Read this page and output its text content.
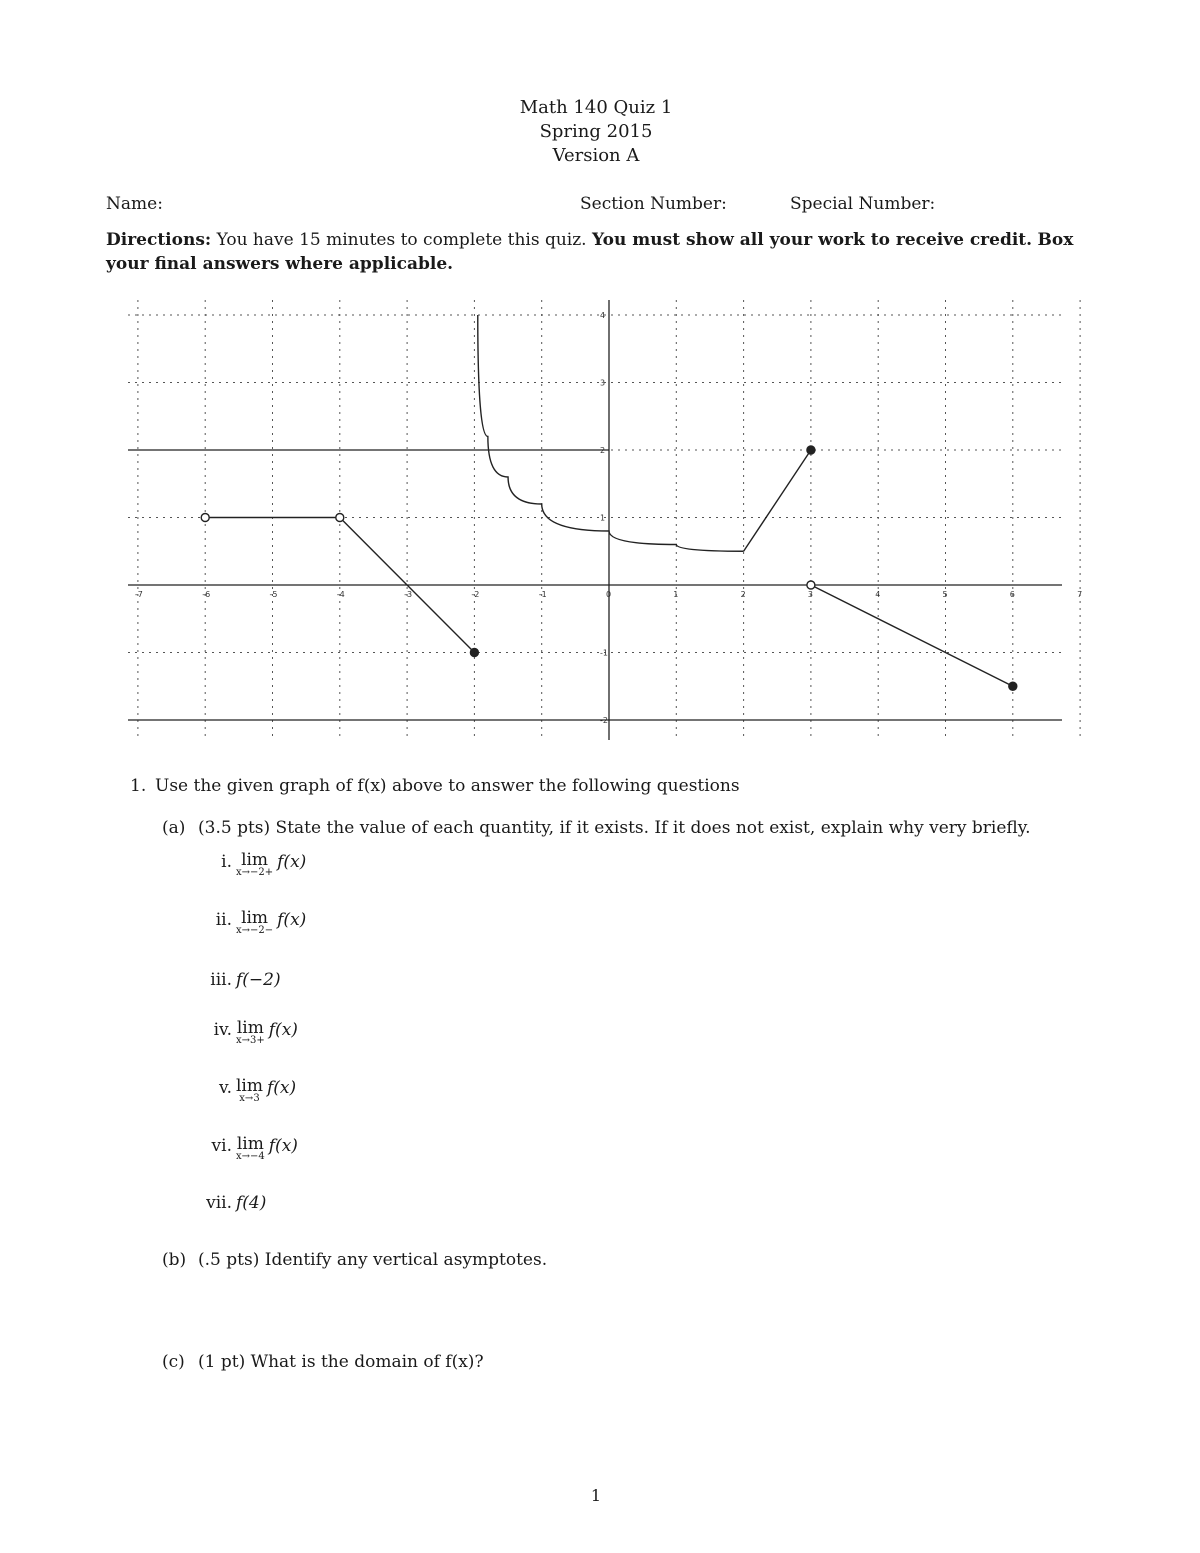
Math 140 Quiz 1
Spring 2015
Version A
Name:	Section Number:	Special Number:
Directions: You have 15 minutes to complete this quiz. You must show all your work to receive credit. Box your final answers where applicable.
-7	-6	-5	-4	-3	-2	-1	0	1	2	3	4	5	6	7
4
3
2
1
-1
-2
1. Use the given graph of f(x) above to answer the following questions
(a) (3.5 pts) State the value of each quantity, if it exists. If it does not exist, explain why very briefly.
i. lim
x→−2+
f(x)
ii. lim
x→−2−
f(x)
iii. f(−2)
iv. lim
x→3+
f(x)
v. lim
x→3
f(x)
vi. lim
x→−4
f(x)
vii. f(4)
(b) (.5 pts) Identify any vertical asymptotes.
(c) (1 pt) What is the domain of f(x)?
1
